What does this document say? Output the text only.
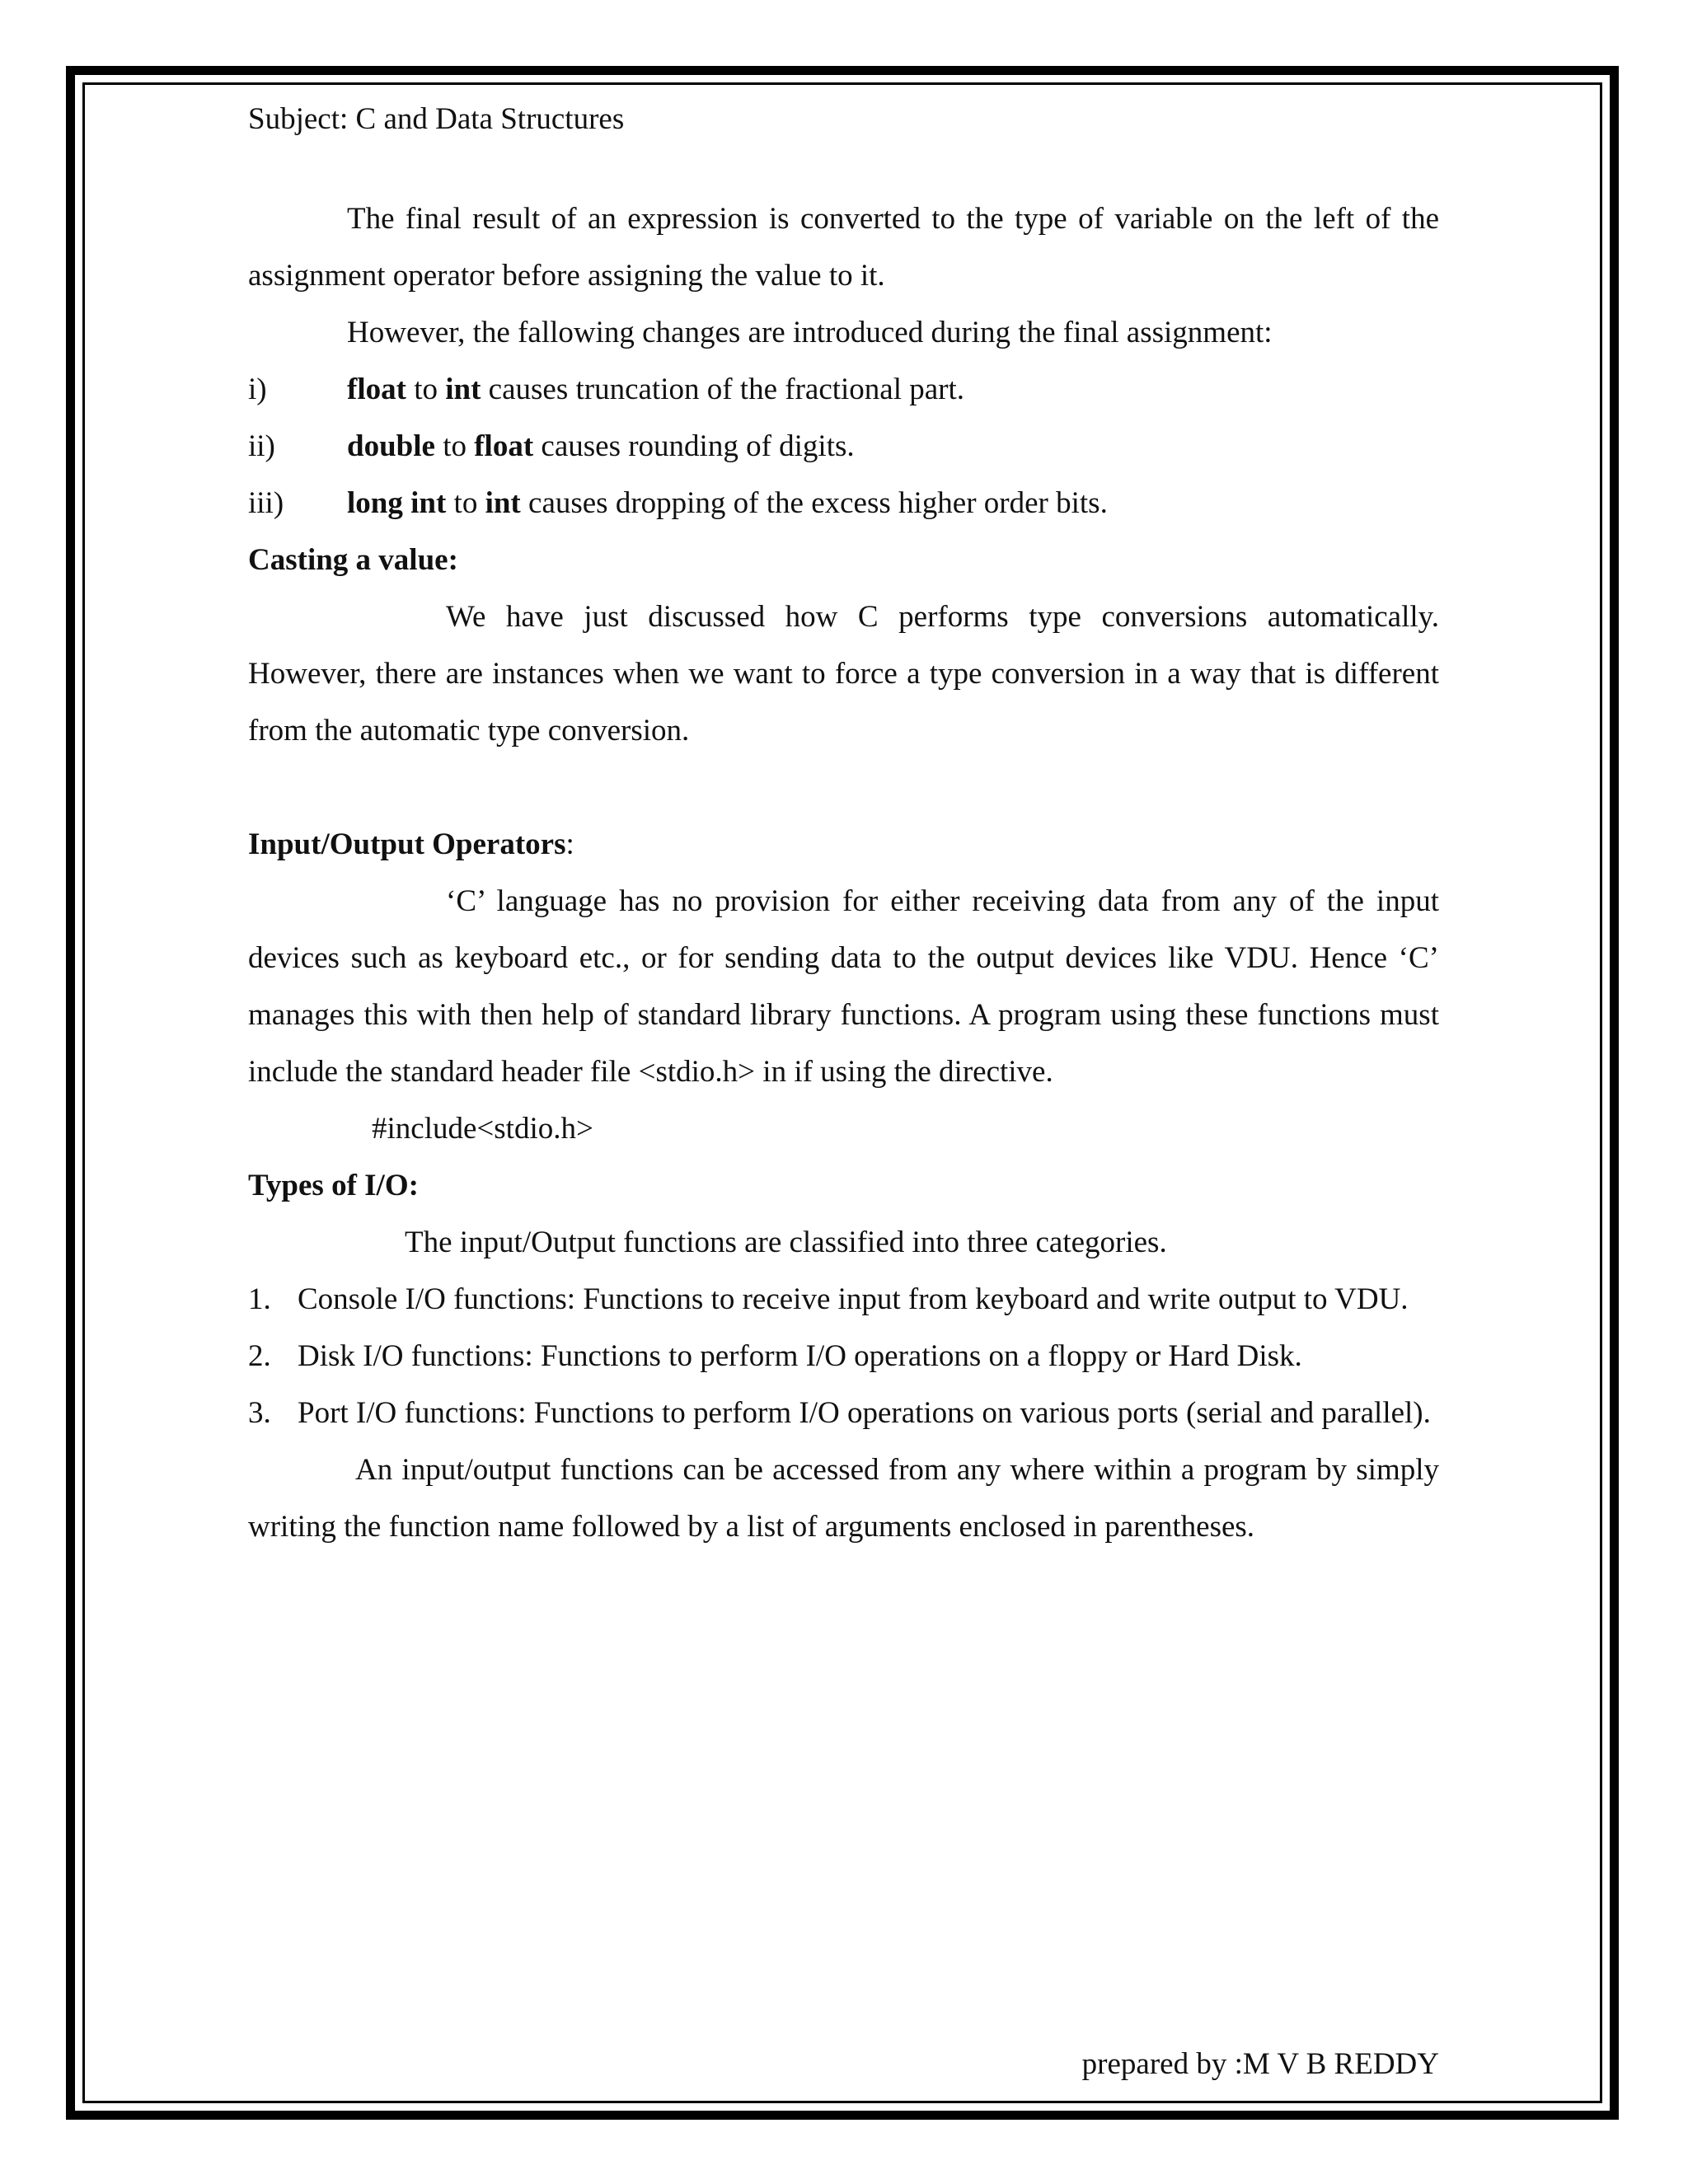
Subject: C and Data Structures

The final result of an expression is converted to the type of variable on the left of the assignment operator before assigning the value to it.

However, the fallowing changes are introduced during the final assignment:

i)	float to int causes truncation of the fractional part.
ii)	double to float causes rounding of digits.
iii)	long int to int causes dropping of the excess higher order bits.
Casting a value:

We have just discussed how C performs type conversions automatically. However, there are instances when we want to force a type conversion in a way that is different from the automatic type conversion.

Input/Output Operators:

‘C’ language has no provision for either receiving data from any of the input devices such as keyboard etc., or for sending data to the output devices like VDU. Hence ‘C’ manages this with then help of standard library functions. A program using these functions must include the standard header file <stdio.h> in if using the directive.

#include<stdio.h>
Types of I/O:

The input/Output functions are classified into three categories.

1. Console I/O functions: Functions to receive input from keyboard and write output to VDU.
2. Disk I/O functions: Functions to perform I/O operations on a floppy or Hard Disk.
3. Port I/O functions: Functions to perform I/O operations on various ports (serial and parallel).

An input/output functions can be accessed from any where within a program by simply writing the function name followed by a list of arguments enclosed in parentheses.

prepared by :M V B REDDY
